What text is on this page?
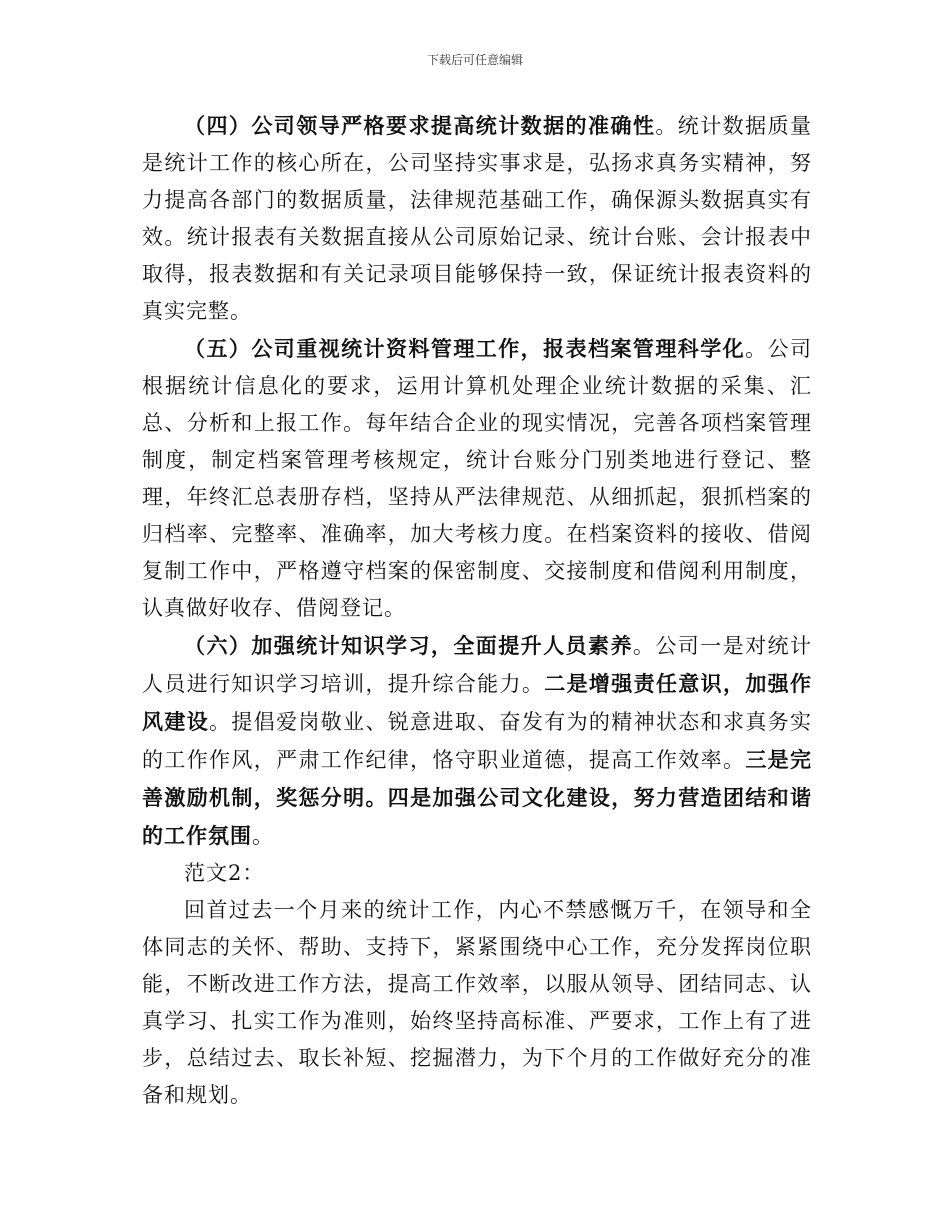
下载后可任意编辑

（四）公司领导严格要求提高统计数据的准确性。统计数据质量是统计工作的核心所在，公司坚持实事求是，弘扬求真务实精神，努力提高各部门的数据质量，法律规范基础工作，确保源头数据真实有效。统计报表有关数据直接从公司原始记录、统计台账、会计报表中取得，报表数据和有关记录项目能够保持一致，保证统计报表资料的真实完整。

（五）公司重视统计资料管理工作，报表档案管理科学化。公司根据统计信息化的要求，运用计算机处理企业统计数据的采集、汇总、分析和上报工作。每年结合企业的现实情况，完善各项档案管理制度，制定档案管理考核规定，统计台账分门别类地进行登记、整理，年终汇总表册存档，坚持从严法律规范、从细抓起，狠抓档案的归档率、完整率、准确率，加大考核力度。在档案资料的接收、借阅复制工作中，严格遵守档案的保密制度、交接制度和借阅利用制度，认真做好收存、借阅登记。

（六）加强统计知识学习，全面提升人员素养。公司一是对统计人员进行知识学习培训，提升综合能力。二是增强责任意识，加强作风建设。提倡爱岗敬业、锐意进取、奋发有为的精神状态和求真务实的工作作风，严肃工作纪律，恪守职业道德，提高工作效率。三是完善激励机制，奖惩分明。四是加强公司文化建设，努力营造团结和谐的工作氛围。

范文2：

回首过去一个月来的统计工作，内心不禁感慨万千，在领导和全体同志的关怀、帮助、支持下，紧紧围绕中心工作，充分发挥岗位职能，不断改进工作方法，提高工作效率，以服从领导、团结同志、认真学习、扎实工作为准则，始终坚持高标准、严要求，工作上有了进步，总结过去、取长补短、挖掘潜力，为下个月的工作做好充分的准备和规划。
